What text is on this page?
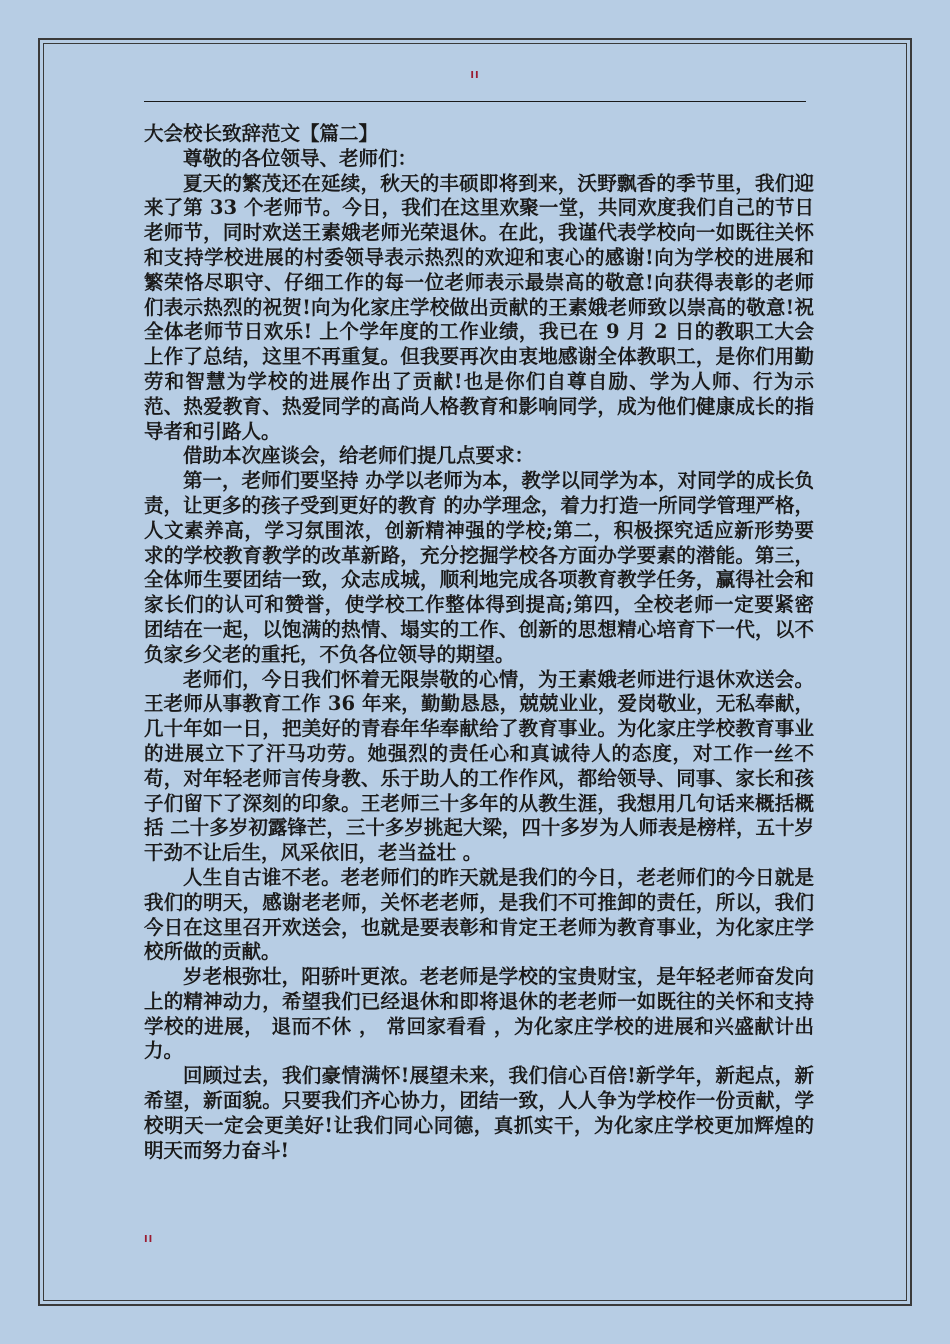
ıı
大会校长致辞范文【篇二】

尊敬的各位领导、老师们：

夏天的繁茂还在延续，秋天的丰硕即将到来，沃野飘香的季节里，我们迎来了第 33 个老师节。今日，我们在这里欢聚一堂，共同欢度我们自己的节日 老师节，同时欢送王素娥老师光荣退休。在此，我谨代表学校向一如既往关怀和支持学校进展的村委领导表示热烈的欢迎和衷心的感谢!向为学校的进展和繁荣恪尽职守、仔细工作的每一位老师表示最崇高的敬意!向获得表彰的老师们表示热烈的祝贺!向为化家庄学校做出贡献的王素娥老师致以崇高的敬意!祝全体老师节日欢乐! 上个学年度的工作业绩，我已在 9 月 2 日的教职工大会上作了总结，这里不再重复。但我要再次由衷地感谢全体教职工，是你们用勤劳和智慧为学校的进展作出了贡献!也是你们自尊自励、学为人师、行为示范、热爱教育、热爱同学的高尚人格教育和影响同学，成为他们健康成长的指导者和引路人。

借助本次座谈会，给老师们提几点要求：

第一，老师们要坚持 办学以老师为本，教学以同学为本，对同学的成长负责，让更多的孩子受到更好的教育 的办学理念，着力打造一所同学管理严格，人文素养高，学习氛围浓，创新精神强的学校;第二，积极探究适应新形势要求的学校教育教学的改革新路，充分挖掘学校各方面办学要素的潜能。第三，全体师生要团结一致，众志成城，顺利地完成各项教育教学任务，赢得社会和家长们的认可和赞誉，使学校工作整体得到提高;第四，全校老师一定要紧密团结在一起，以饱满的热情、塌实的工作、创新的思想精心培育下一代，以不负家乡父老的重托，不负各位领导的期望。

老师们，今日我们怀着无限崇敬的心情，为王素娥老师进行退休欢送会。王老师从事教育工作 36 年来，勤勤恳恳，兢兢业业，爱岗敬业，无私奉献，几十年如一日，把美好的青春年华奉献给了教育事业。为化家庄学校教育事业的进展立下了汗马功劳。她强烈的责任心和真诚待人的态度，对工作一丝不苟，对年轻老师言传身教、乐于助人的工作作风，都给领导、同事、家长和孩子们留下了深刻的印象。王老师三十多年的从教生涯，我想用几句话来概括概括 二十多岁初露锋芒，三十多岁挑起大梁，四十多岁为人师表是榜样，五十岁干劲不让后生，风采依旧，老当益壮 。

人生自古谁不老。老老师们的昨天就是我们的今日，老老师们的今日就是我们的明天，感谢老老师，关怀老老师，是我们不可推卸的责任，所以，我们今日在这里召开欢送会，也就是要表彰和肯定王老师为教育事业，为化家庄学校所做的贡献。

岁老根弥壮，阳骄叶更浓。老老师是学校的宝贵财宝，是年轻老师奋发向上的精神动力，希望我们已经退休和即将退休的老老师一如既往的关怀和支持学校的进展， 退而不休 ， 常回家看看 ，为化家庄学校的进展和兴盛献计出力。

回顾过去，我们豪情满怀!展望未来，我们信心百倍!新学年，新起点，新希望，新面貌。只要我们齐心协力，团结一致，人人争为学校作一份贡献，学校明天一定会更美好!让我们同心同德，真抓实干，为化家庄学校更加辉煌的明天而努力奋斗!

ıı
